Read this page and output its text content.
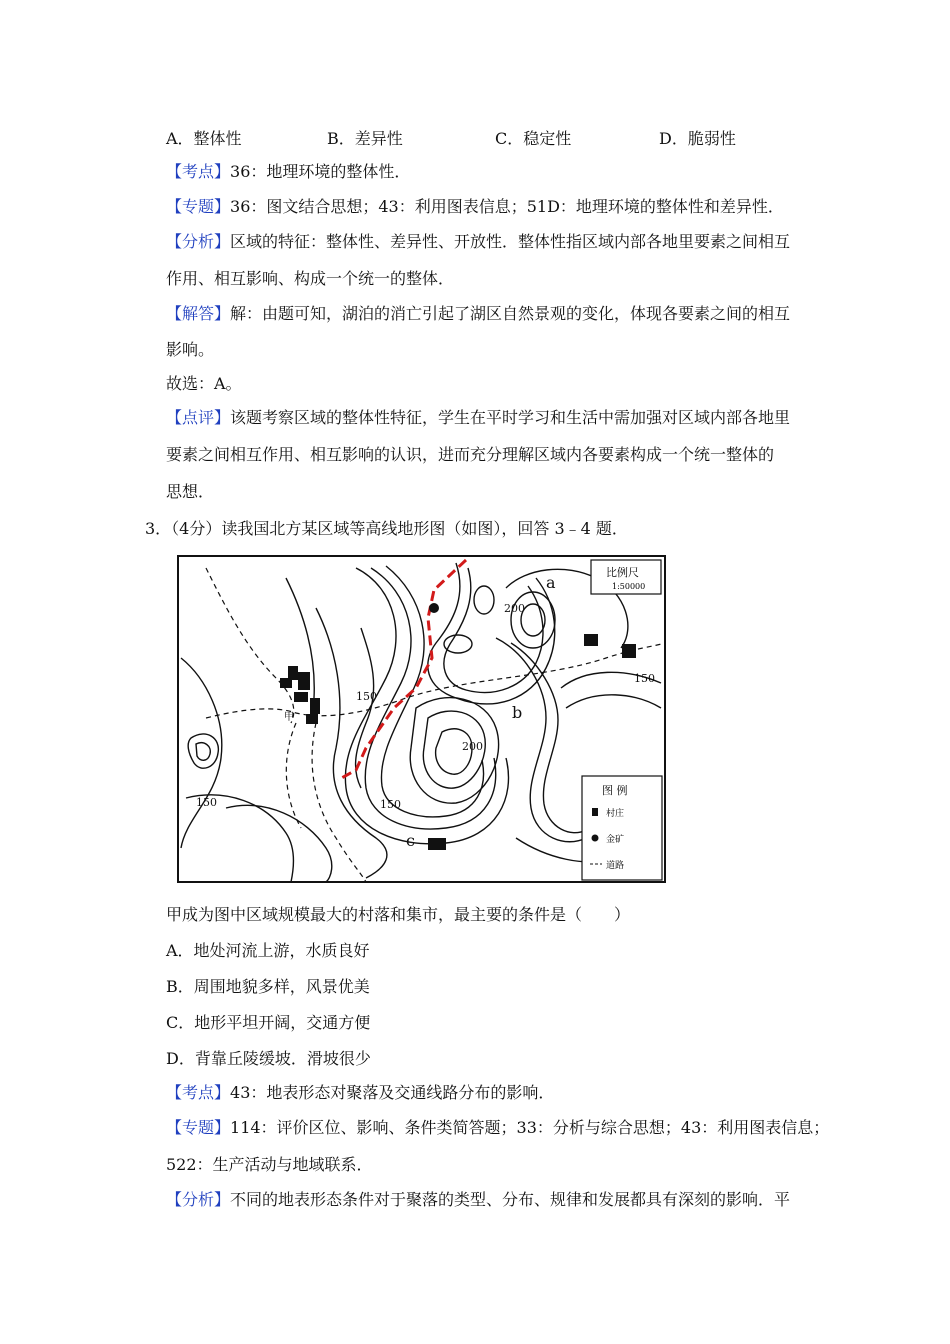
A．整体性	B．差异性	C．稳定性	D．脆弱性
【考点】36：地理环境的整体性．
【专题】36：图文结合思想；43：利用图表信息；51D：地理环境的整体性和差异性．
【分析】区域的特征：整体性、差异性、开放性．整体性指区域内部各地里要素之间相互
作用、相互影响、构成一个统一的整体．
【解答】解：由题可知，湖泊的消亡引起了湖区自然景观的变化，体现各要素之间的相互
影响。
故选：A。
【点评】该题考察区域的整体性特征，学生在平时学习和生活中需加强对区域内部各地里
要素之间相互作用、相互影响的认识，进而充分理解区域内各要素构成一个统一整体的
思想．
3．（4分）读我国北方某区域等高线地形图（如图），回答 3﹣4 题．
比例尺
1:50000
200
150
150
200
150
150
a
b
c
甲
图 例
村庄
金矿
道路
甲成为图中区域规模最大的村落和集市，最主要的条件是（　　）
A．地处河流上游，水质良好
B．周围地貌多样，风景优美
C．地形平坦开阔，交通方便
D．背靠丘陵缓坡．滑坡很少
【考点】43：地表形态对聚落及交通线路分布的影响．
【专题】114：评价区位、影响、条件类简答题；33：分析与综合思想；43：利用图表信息；
522：生产活动与地域联系．
【分析】不同的地表形态条件对于聚落的类型、分布、规律和发展都具有深刻的影响．平
